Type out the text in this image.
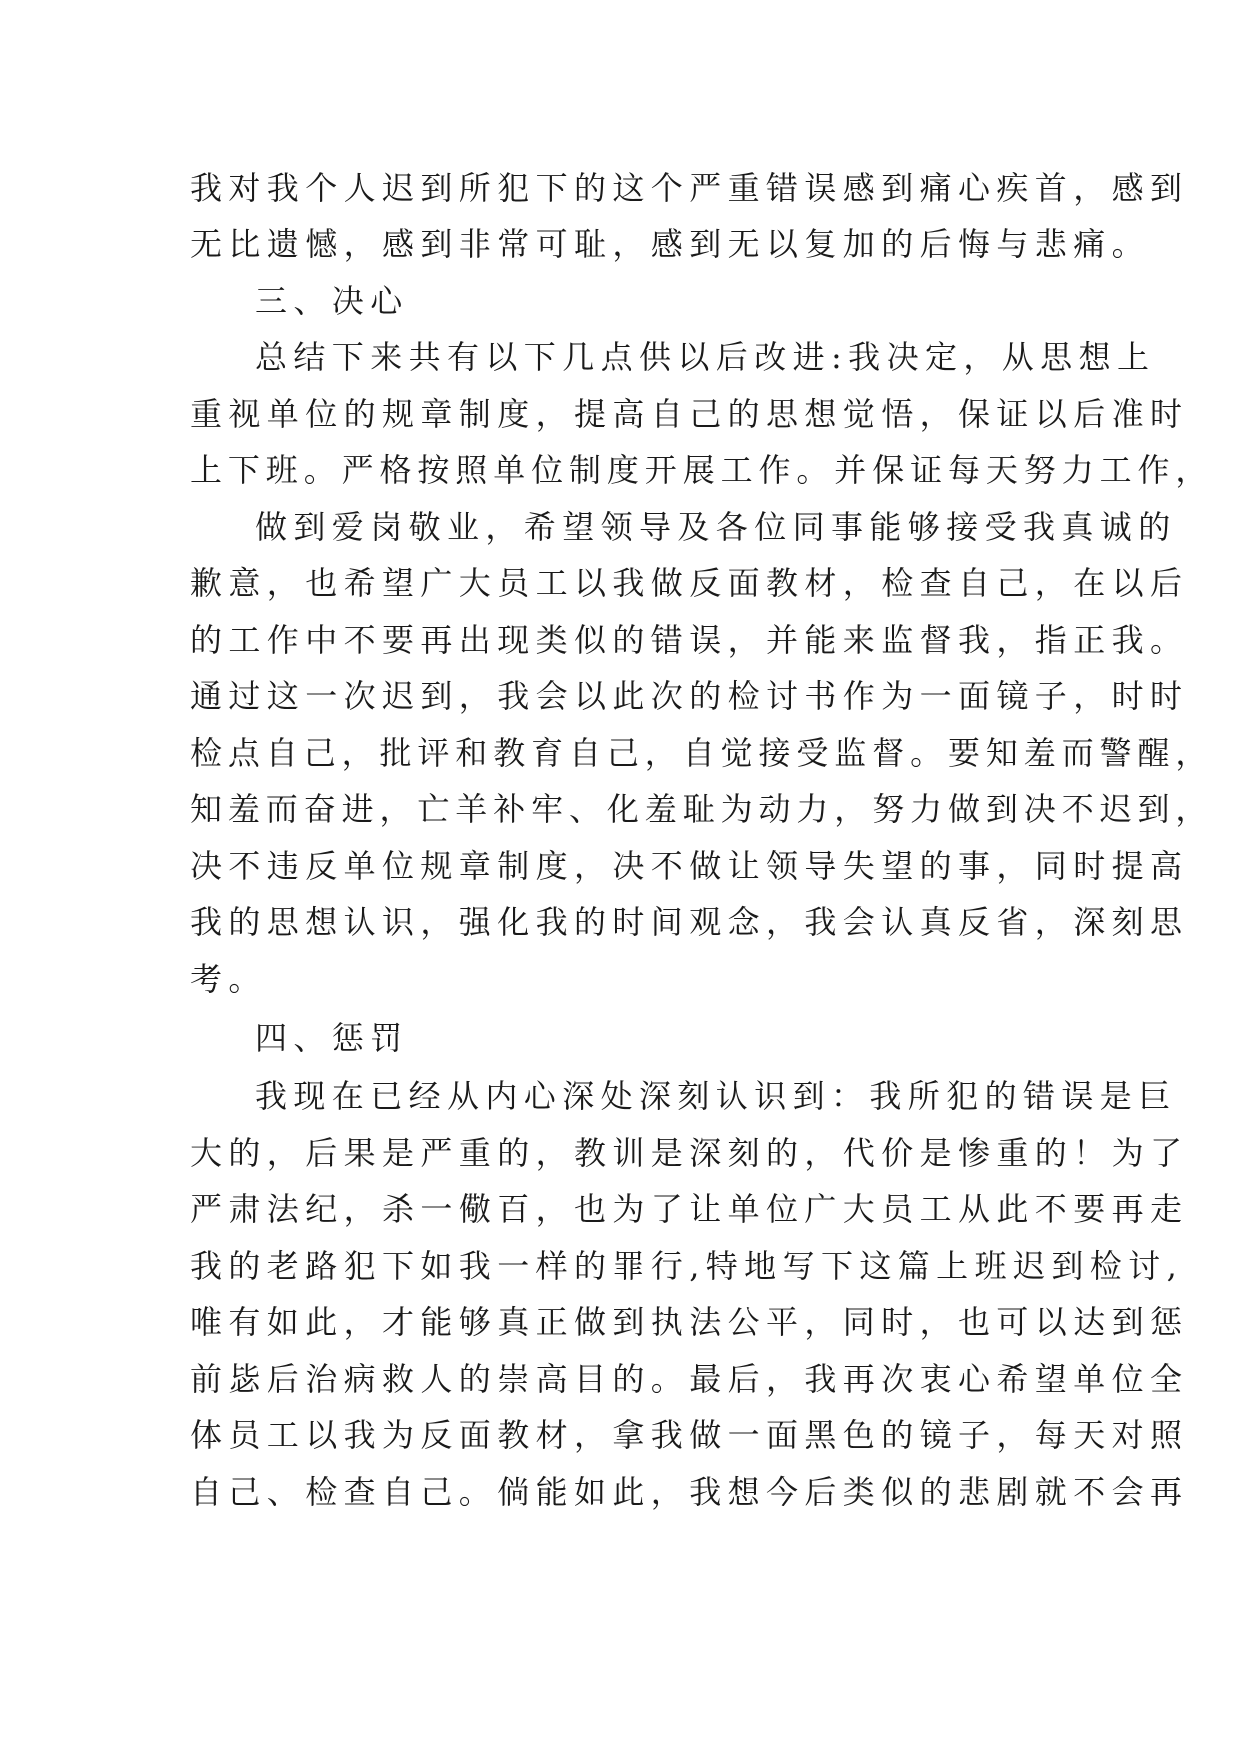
我对我个人迟到所犯下的这个严重错误感到痛心疾首，感到
无比遗憾，感到非常可耻，感到无以复加的后悔与悲痛。
三、决心
总结下来共有以下几点供以后改进:我决定，从思想上
重视单位的规章制度，提高自己的思想觉悟，保证以后准时
上下班。严格按照单位制度开展工作。并保证每天努力工作，
做到爱岗敬业，希望领导及各位同事能够接受我真诚的
歉意，也希望广大员工以我做反面教材，检查自己，在以后
的工作中不要再出现类似的错误，并能来监督我，指正我。
通过这一次迟到，我会以此次的检讨书作为一面镜子，时时
检点自己，批评和教育自己，自觉接受监督。要知羞而警醒，
知羞而奋进，亡羊补牢、化羞耻为动力，努力做到决不迟到，
决不违反单位规章制度，决不做让领导失望的事，同时提高
我的思想认识，强化我的时间观念，我会认真反省，深刻思
考。
四、惩罚
我现在已经从内心深处深刻认识到：我所犯的错误是巨
大的，后果是严重的，教训是深刻的，代价是惨重的！为了
严肃法纪，杀一儆百，也为了让单位广大员工从此不要再走
我的老路犯下如我一样的罪行,特地写下这篇上班迟到检讨,
唯有如此，才能够真正做到执法公平，同时，也可以达到惩
前毖后治病救人的崇高目的。最后，我再次衷心希望单位全
体员工以我为反面教材，拿我做一面黑色的镜子，每天对照
自己、检查自己。倘能如此，我想今后类似的悲剧就不会再
